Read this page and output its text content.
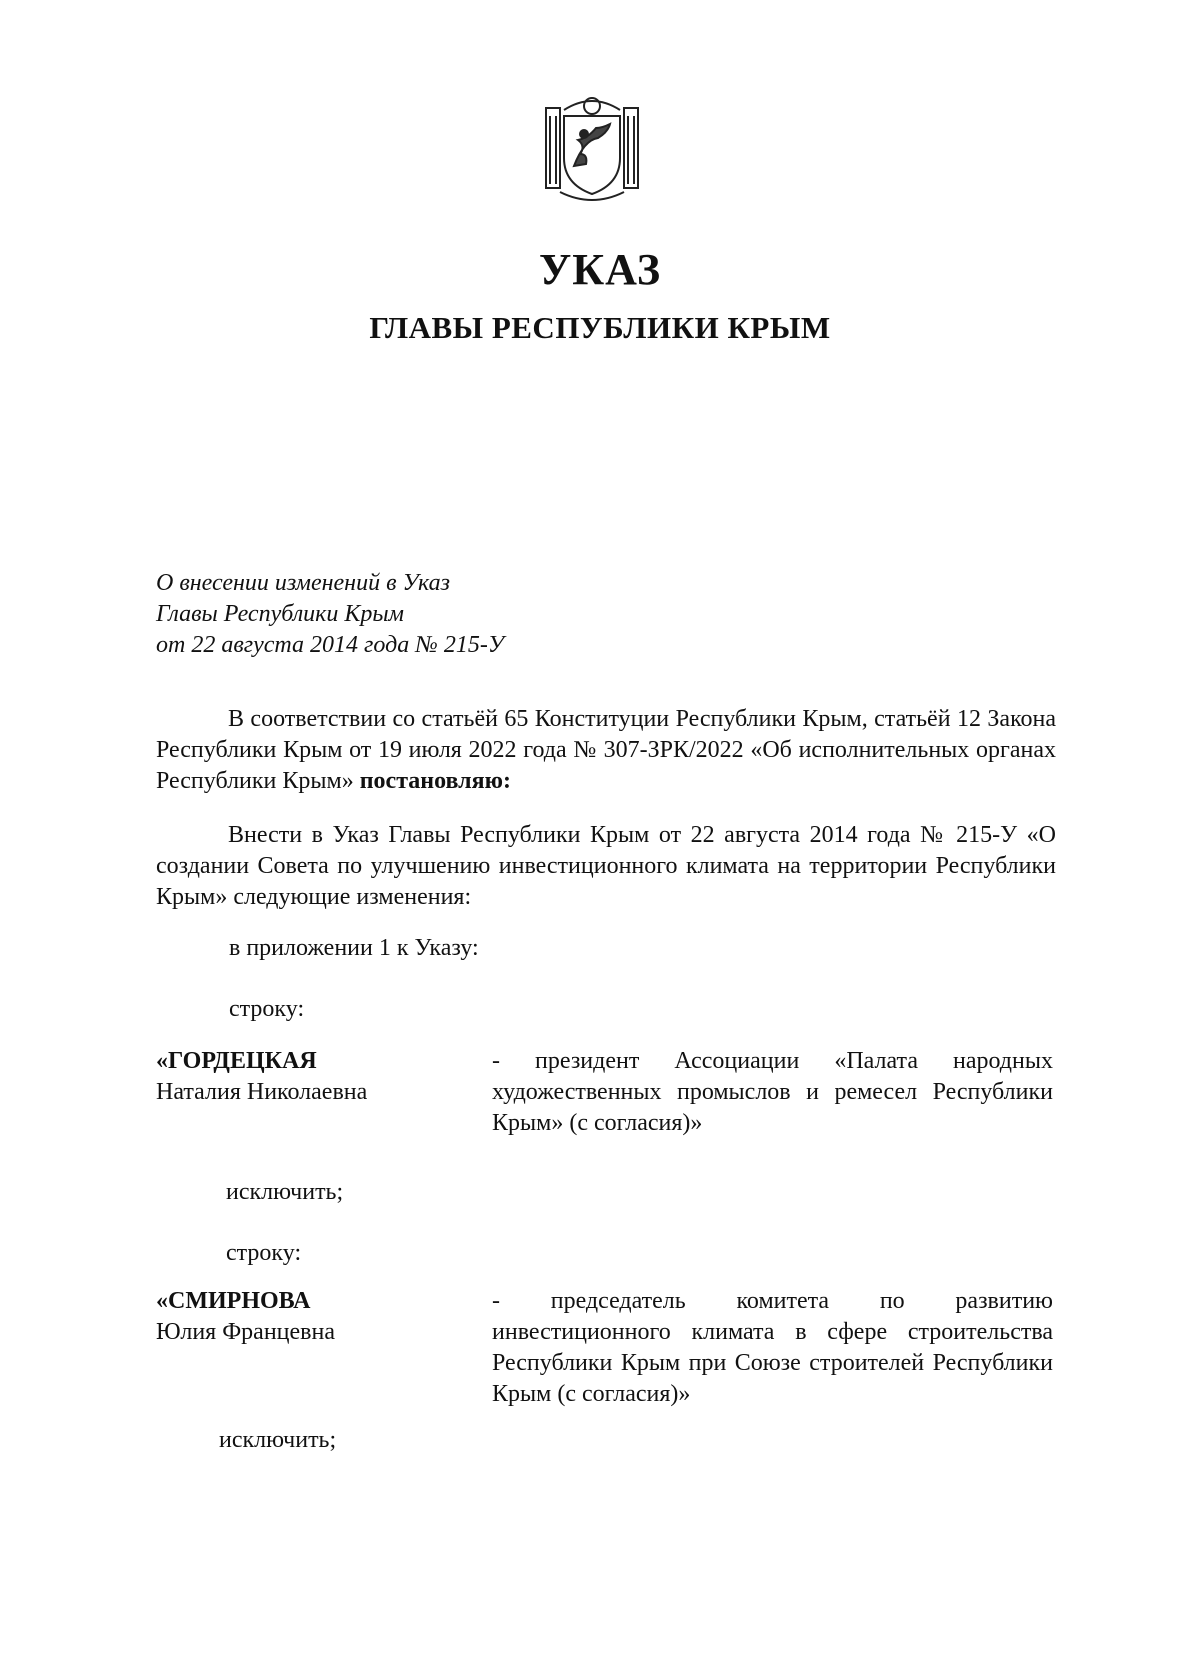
УКАЗ
ГЛАВЫ РЕСПУБЛИКИ КРЫМ
О внесении изменений в Указ
Главы Республики Крым
от 22 августа 2014 года № 215-У

В соответствии со статьёй 65 Конституции Республики Крым, статьёй 12 Закона Республики Крым от 19 июля 2022 года № 307-ЗРК/2022 «Об исполнительных органах Республики Крым» постановляю:

Внести в Указ Главы Республики Крым от 22 августа 2014 года № 215-У «О создании Совета по улучшению инвестиционного климата на территории Республики Крым» следующие изменения:

в приложении 1 к Указу:

строку:

«ГОРДЕЦКАЯ
Наталия Николаевна

- президент Ассоциации «Палата народных художественных промыслов и ремесел Республики Крым» (с согласия)»

исключить;

строку:

«СМИРНОВА
Юлия Францевна

- председатель комитета по развитию инвестиционного климата в сфере строительства Республики Крым при Союзе строителей Республики Крым (с согласия)»

исключить;
